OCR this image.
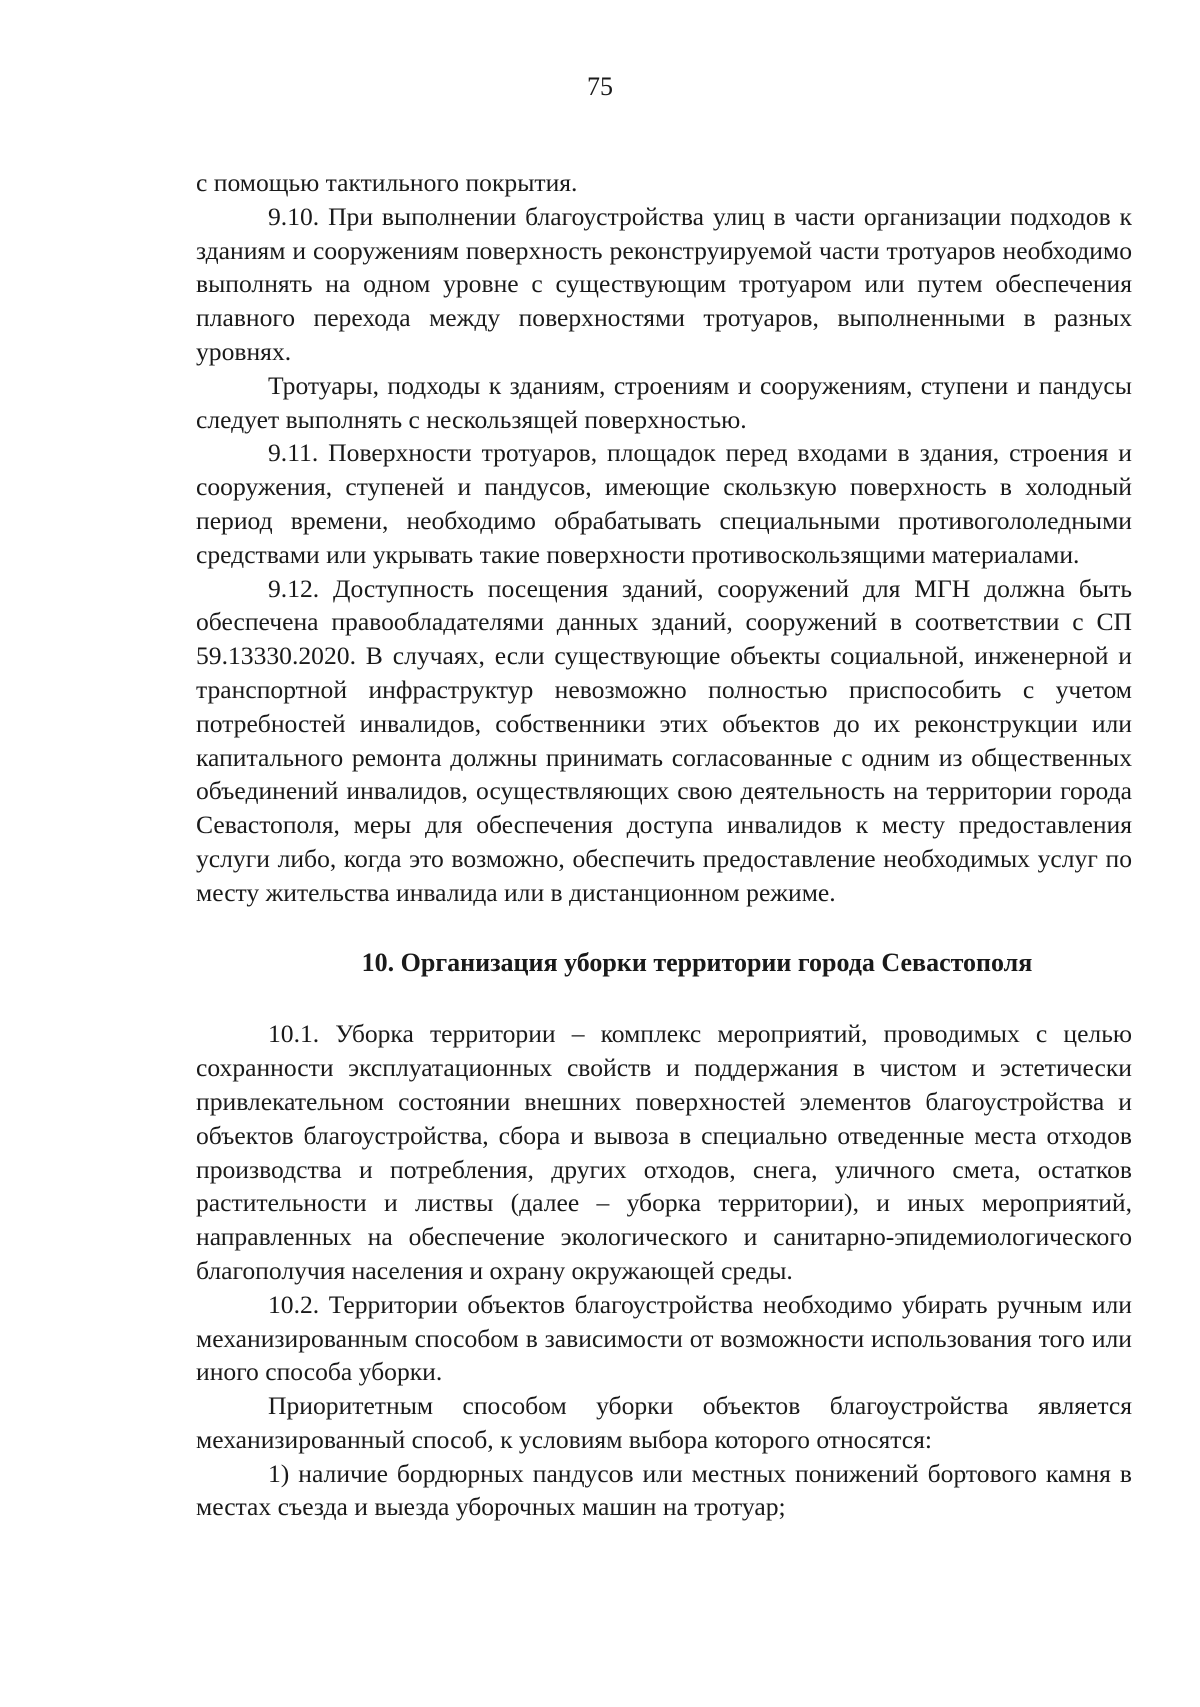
75

с помощью тактильного покрытия.

9.10. При выполнении благоустройства улиц в части организации подходов к зданиям и сооружениям поверхность реконструируемой части тротуаров необходимо выполнять на одном уровне с существующим тротуаром или путем обеспечения плавного перехода между поверхностями тротуаров, выполненными в разных уровнях.

Тротуары, подходы к зданиям, строениям и сооружениям, ступени и пандусы следует выполнять с нескользящей поверхностью.

9.11. Поверхности тротуаров, площадок перед входами в здания, строения и сооружения, ступеней и пандусов, имеющие скользкую поверхность в холодный период времени, необходимо обрабатывать специальными противогололедными средствами или укрывать такие поверхности противоскользящими материалами.

9.12. Доступность посещения зданий, сооружений для МГН должна быть обеспечена правообладателями данных зданий, сооружений в соответствии с СП 59.13330.2020. В случаях, если существующие объекты социальной, инженерной и транспортной инфраструктур невозможно полностью приспособить с учетом потребностей инвалидов, собственники этих объектов до их реконструкции или капитального ремонта должны принимать согласованные с одним из общественных объединений инвалидов, осуществляющих свою деятельность на территории города Севастополя, меры для обеспечения доступа инвалидов к месту предоставления услуги либо, когда это возможно, обеспечить предоставление необходимых услуг по месту жительства инвалида или в дистанционном режиме.

10. Организация уборки территории города Севастополя

10.1. Уборка территории – комплекс мероприятий, проводимых с целью сохранности эксплуатационных свойств и поддержания в чистом и эстетически привлекательном состоянии внешних поверхностей элементов благоустройства и объектов благоустройства, сбора и вывоза в специально отведенные места отходов производства и потребления, других отходов, снега, уличного смета, остатков растительности и листвы (далее – уборка территории), и иных мероприятий, направленных на обеспечение экологического и санитарно-эпидемиологического благополучия населения и охрану окружающей среды.

10.2. Территории объектов благоустройства необходимо убирать ручным или механизированным способом в зависимости от возможности использования того или иного способа уборки.

Приоритетным способом уборки объектов благоустройства является механизированный способ, к условиям выбора которого относятся:

1) наличие бордюрных пандусов или местных понижений бортового камня в местах съезда и выезда уборочных машин на тротуар;
